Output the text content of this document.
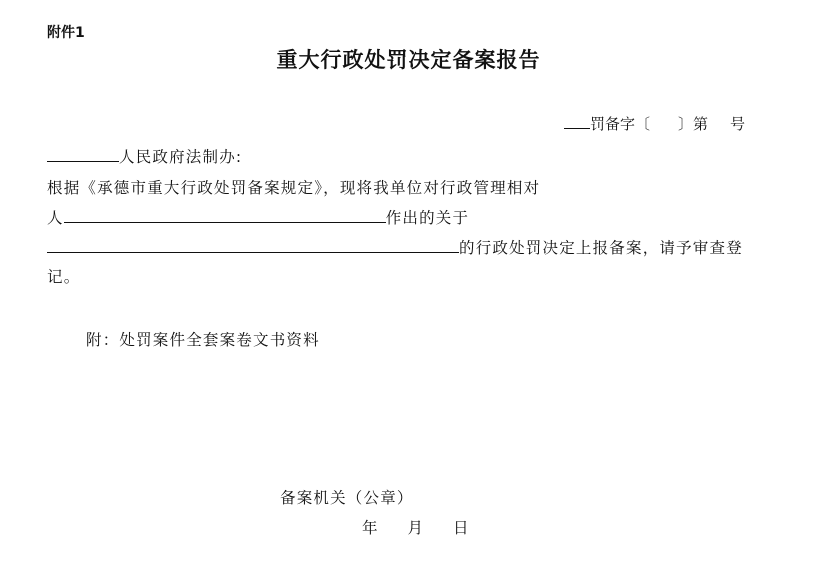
附件1
重大行政处罚决定备案报告
罚备字〔 〕第 号
人民政府法制办:
根据《承德市重大行政处罚备案规定》，现将我单位对行政管理相对
人	作出的关于
的行政处罚决定上报备案，请予审查登
记。
附：处罚案件全套案卷文书资料
备案机关（公章）
年 月 日
